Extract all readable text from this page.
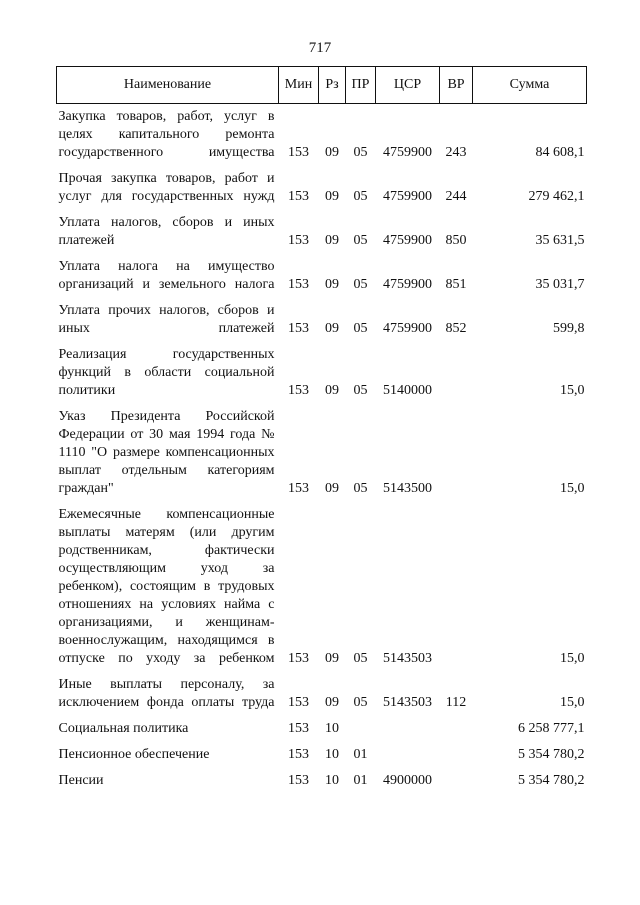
717
Наименование	Мин	Рз	ПР	ЦСР	ВР	Сумма
Закупка товаров, работ, услуг в целях капитального ремонта государственного имущества	153	09	05	4759900	243	84 608,1
Прочая закупка товаров, работ и услуг для государственных нужд	153	09	05	4759900	244	279 462,1
Уплата налогов, сборов и иных платежей	153	09	05	4759900	850	35 631,5
Уплата налога на имущество организаций и земельного налога	153	09	05	4759900	851	35 031,7
Уплата прочих налогов, сборов и иных платежей	153	09	05	4759900	852	599,8
Реализация государственных функций в области социальной политики	153	09	05	5140000		15,0
Указ Президента Российской Федерации от 30 мая 1994 года № 1110 "О размере компенсационных выплат отдельным категориям граждан"	153	09	05	5143500		15,0
Ежемесячные компенсационные выплаты матерям (или другим родственникам, фактически осуществляющим уход за ребенком), состоящим в трудовых отношениях на условиях найма с организациями, и женщинам-военнослужащим, находящимся в отпуске по уходу за ребенком	153	09	05	5143503		15,0
Иные выплаты персоналу, за исключением фонда оплаты труда	153	09	05	5143503	112	15,0
Социальная политика	153	10				6 258 777,1
Пенсионное обеспечение	153	10	01			5 354 780,2
Пенсии	153	10	01	4900000		5 354 780,2
